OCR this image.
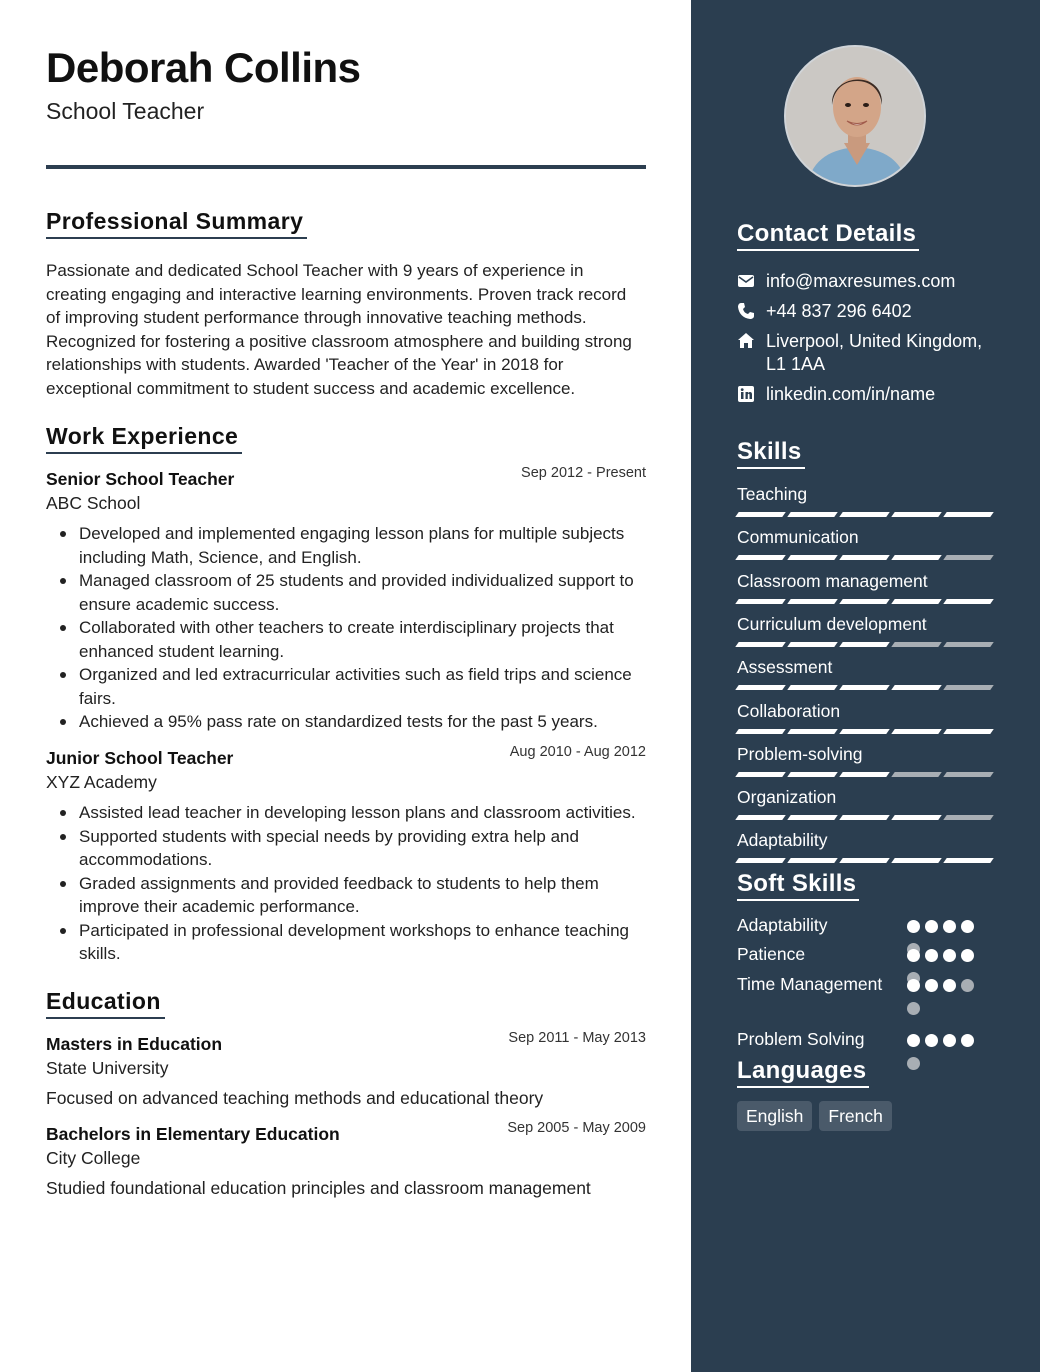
Deborah Collins
School Teacher
Professional Summary
Passionate and dedicated School Teacher with 9 years of experience in creating engaging and interactive learning environments. Proven track record of improving student performance through innovative teaching methods. Recognized for fostering a positive classroom atmosphere and building strong relationships with students. Awarded 'Teacher of the Year' in 2018 for exceptional commitment to student success and academic excellence.
Work Experience
Senior School Teacher	Sep 2012 - Present
ABC School
Developed and implemented engaging lesson plans for multiple subjects including Math, Science, and English.
Managed classroom of 25 students and provided individualized support to ensure academic success.
Collaborated with other teachers to create interdisciplinary projects that enhanced student learning.
Organized and led extracurricular activities such as field trips and science fairs.
Achieved a 95% pass rate on standardized tests for the past 5 years.
Junior School Teacher	Aug 2010 - Aug 2012
XYZ Academy
Assisted lead teacher in developing lesson plans and classroom activities.
Supported students with special needs by providing extra help and accommodations.
Graded assignments and provided feedback to students to help them improve their academic performance.
Participated in professional development workshops to enhance teaching skills.
Education
Masters in Education	Sep 2011 - May 2013
State University
Focused on advanced teaching methods and educational theory
Bachelors in Elementary Education	Sep 2005 - May 2009
City College
Studied foundational education principles and classroom management
Contact Details
info@maxresumes.com
+44 837 296 6402
Liverpool, United Kingdom, L1 1AA
linkedin.com/in/name
Skills
Teaching
Communication
Classroom management
Curriculum development
Assessment
Collaboration
Problem-solving
Organization
Adaptability
Soft Skills
Adaptability
Patience
Time Management
Problem Solving
Languages
English	French
